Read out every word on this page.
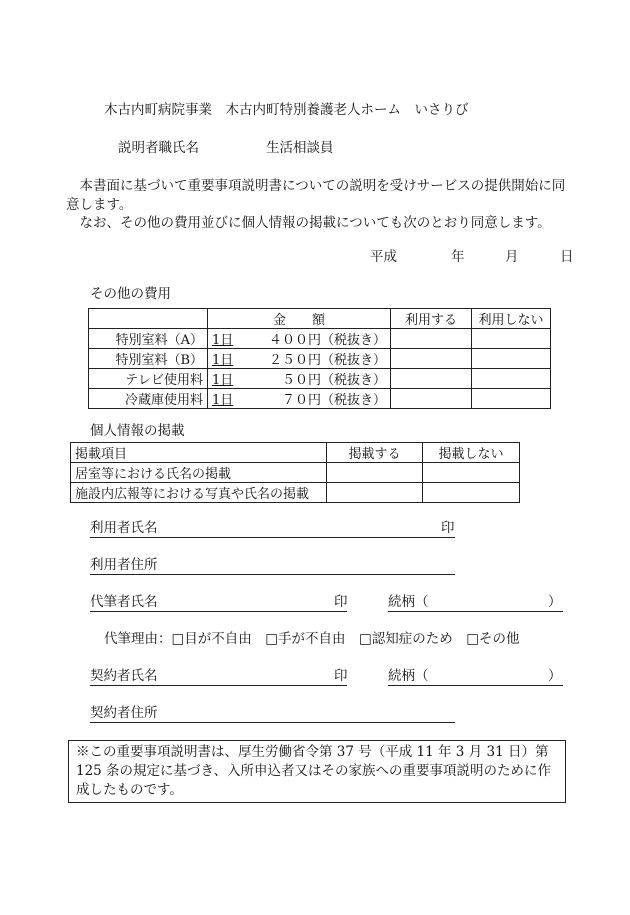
木古内町病院事業　木古内町特別養護老人ホーム　いさりび
説明者職氏名	生活相談員
本書面に基づいて重要事項説明書についての説明を受けサービスの提供開始に同意します。
なお、その他の費用並びに個人情報の掲載についても次のとおり同意します。
平成	年	月	日
その他の費用
	金　　額	利用する	利用しない
特別室料（A）	1日 ４００円（税抜き）		

特別室料（B）	1日 ２５０円（税抜き）		

テレビ使用料	1日 ５０円（税抜き）		

冷蔵庫使用料	1日 ７０円（税抜き）		

個人情報の掲載
掲載項目	掲載する	掲載しない
居室等における氏名の掲載		
施設内広報等における写真や氏名の掲載		
利用者氏名	印
利用者住所
代筆者氏名	印	続柄（	）
代筆理由：□目が不自由　□手が不自由　□認知症のため　□その他
契約者氏名	印	続柄（	）
契約者住所
※この重要事項説明書は、厚生労働省令第 37 号（平成 11 年 3 月 31 日）第 125 条の規定に基づき、入所申込者又はその家族への重要事項説明のために作成したものです。
